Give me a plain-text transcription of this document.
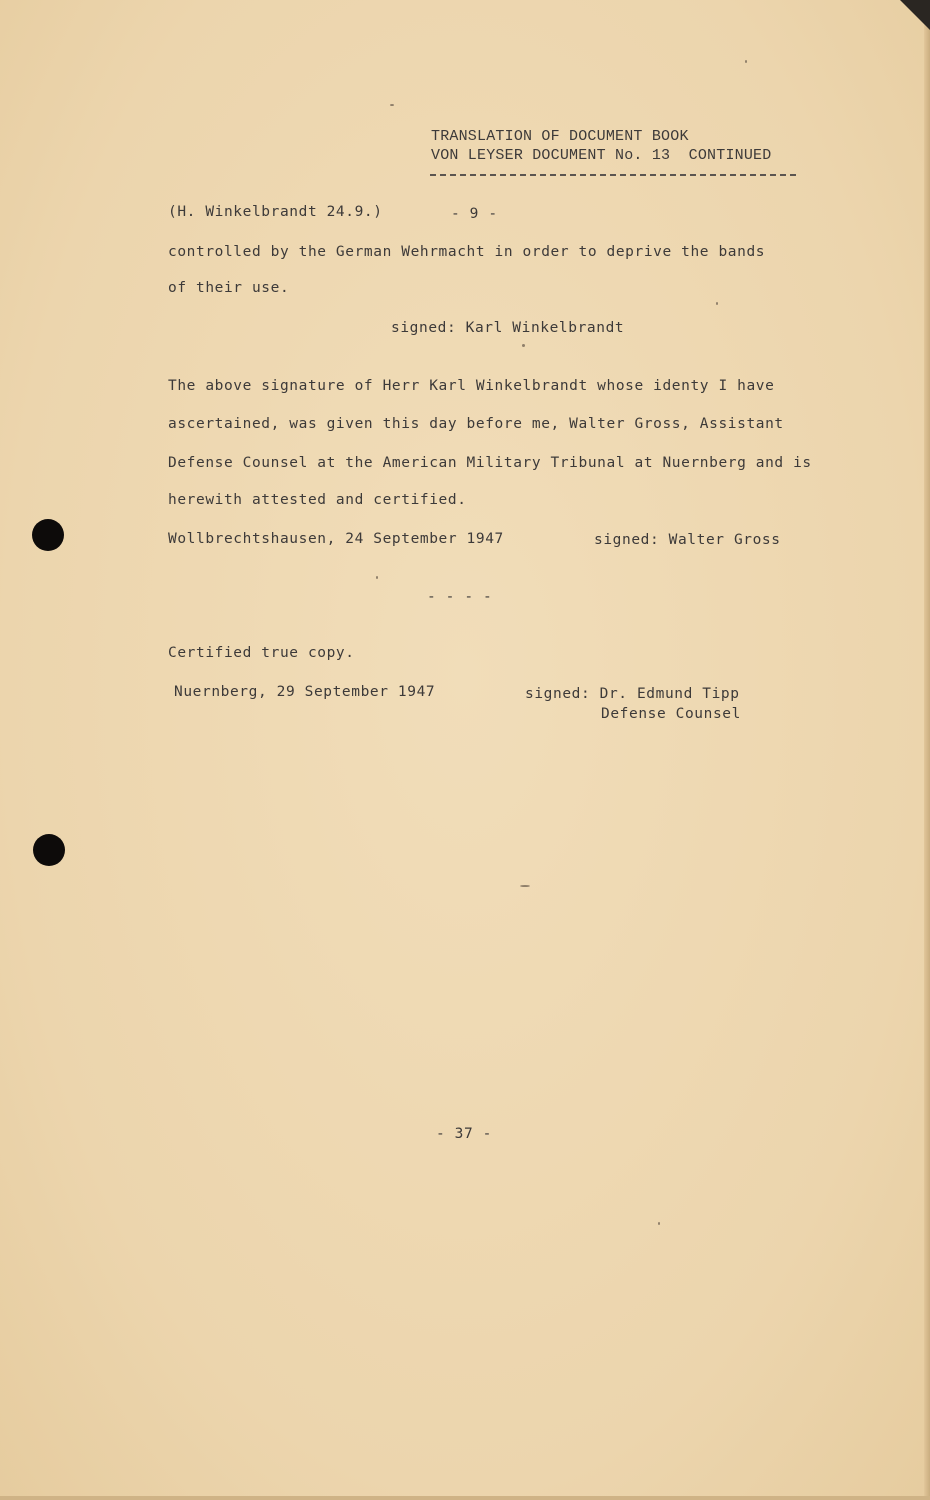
TRANSLATION OF DOCUMENT BOOK
VON LEYSER DOCUMENT No. 13  CONTINUED
(H. Winkelbrandt 24.9.)	- 9 -
controlled by the German Wehrmacht in order to deprive the bands
of their use.
signed: Karl Winkelbrandt
The above signature of Herr Karl Winkelbrandt whose identy I have
ascertained, was given this day before me, Walter Gross, Assistant
Defense Counsel at the American Military Tribunal at Nuernberg and is
herewith attested and certified.
Wollbrechtshausen, 24 September 1947	signed: Walter Gross
- - - -
Certified true copy.
Nuernberg, 29 September 1947	signed: Dr. Edmund Tipp
Defense Counsel
- 37 -
